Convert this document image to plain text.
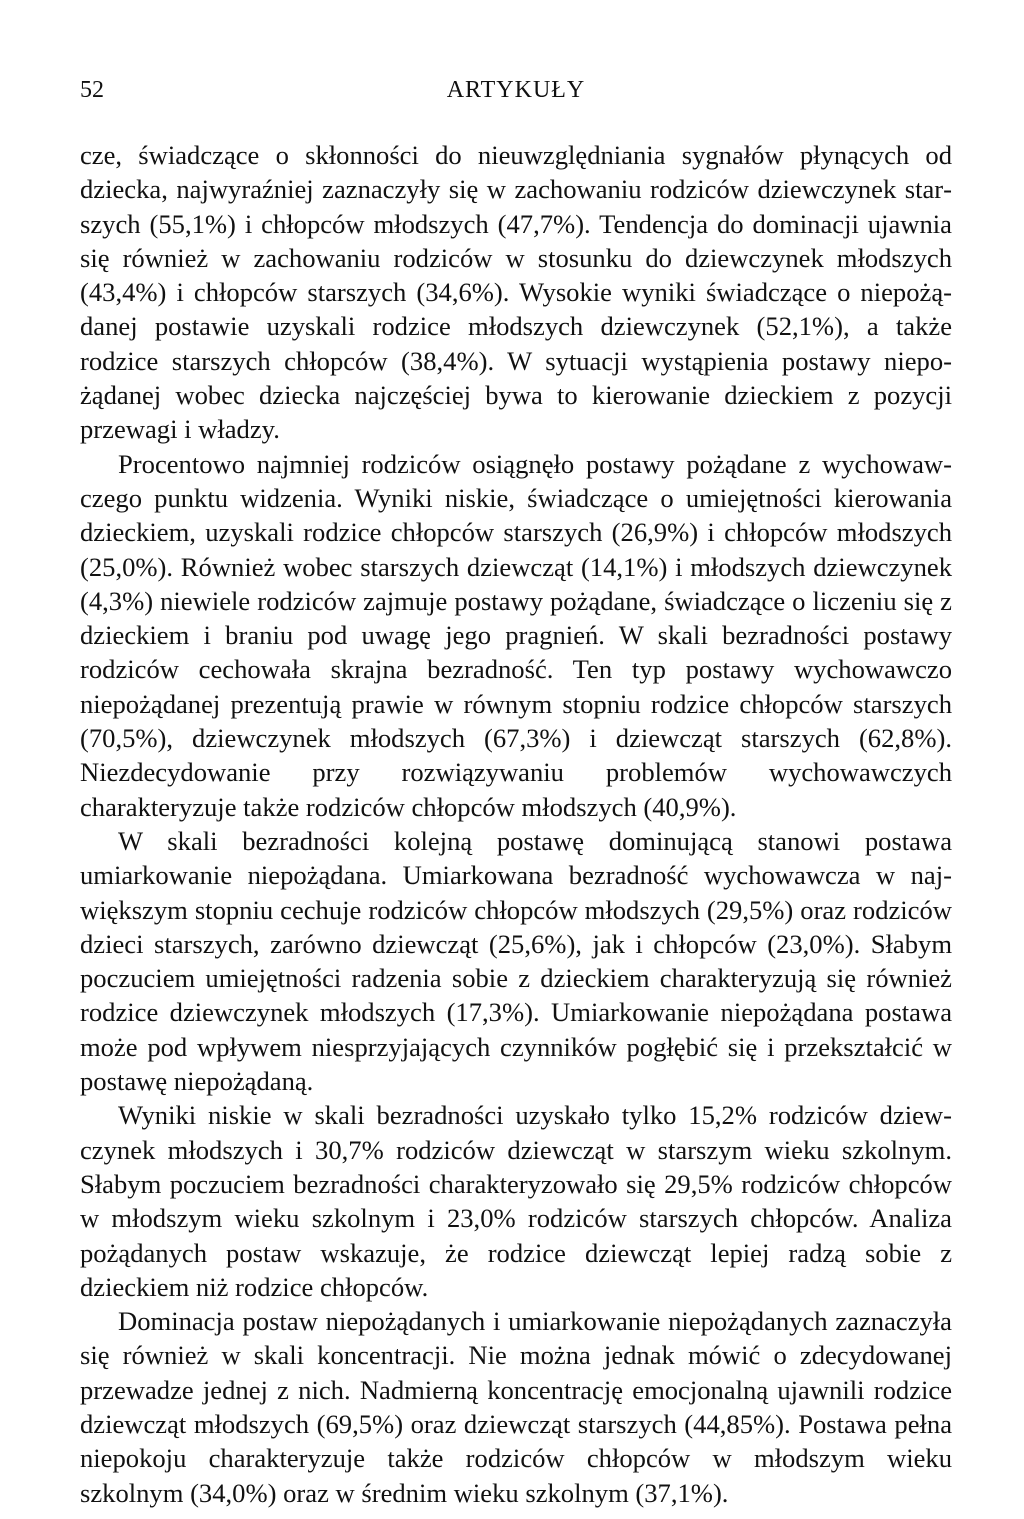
52	ARTYKUŁY

cze, świadczące o skłonności do nieuwzględniania sygnałów płynących od dziecka, najwyraźniej zaznaczyły się w zachowaniu rodziców dziewczynek starszych (55,1%) i chłopców młodszych (47,7%). Tendencja do dominacji ujawnia się również w zachowaniu rodziców w stosunku do dziewczynek młodszych (43,4%) i chłopców starszych (34,6%). Wysokie wyniki świadczące o niepożądanej postawie uzyskali rodzice młodszych dziewczynek (52,1%), a także rodzice starszych chłopców (38,4%). W sytuacji wystąpienia postawy niepożądanej wobec dziecka najczęściej bywa to kierowanie dzieckiem z pozycji przewagi i władzy.

Procentowo najmniej rodziców osiągnęło postawy pożądane z wychowawczego punktu widzenia. Wyniki niskie, świadczące o umiejętności kierowania dzieckiem, uzyskali rodzice chłopców starszych (26,9%) i chłopców młodszych (25,0%). Również wobec starszych dziewcząt (14,1%) i młodszych dziewczynek (4,3%) niewiele rodziców zajmuje postawy pożądane, świadczące o liczeniu się z dzieckiem i braniu pod uwagę jego pragnień. W skali bezradności postawy rodziców cechowała skrajna bezradność. Ten typ postawy wychowawczo niepożądanej prezentują prawie w równym stopniu rodzice chłopców starszych (70,5%), dziewczynek młodszych (67,3%) i dziewcząt starszych (62,8%). Niezdecydowanie przy rozwiązywaniu problemów wychowawczych charakteryzuje także rodziców chłopców młodszych (40,9%).

W skali bezradności kolejną postawę dominującą stanowi postawa umiarkowanie niepożądana. Umiarkowana bezradność wychowawcza w największym stopniu cechuje rodziców chłopców młodszych (29,5%) oraz rodziców dzieci starszych, zarówno dziewcząt (25,6%), jak i chłopców (23,0%). Słabym poczuciem umiejętności radzenia sobie z dzieckiem charakteryzują się również rodzice dziewczynek młodszych (17,3%). Umiarkowanie niepożądana postawa może pod wpływem niesprzyjających czynników pogłębić się i przekształcić w postawę niepożądaną.

Wyniki niskie w skali bezradności uzyskało tylko 15,2% rodziców dziewczynek młodszych i 30,7% rodziców dziewcząt w starszym wieku szkolnym. Słabym poczuciem bezradności charakteryzowało się 29,5% rodziców chłopców w młodszym wieku szkolnym i 23,0% rodziców starszych chłopców. Analiza pożądanych postaw wskazuje, że rodzice dziewcząt lepiej radzą sobie z dzieckiem niż rodzice chłopców.

Dominacja postaw niepożądanych i umiarkowanie niepożądanych zaznaczyła się również w skali koncentracji. Nie można jednak mówić o zdecydowanej przewadze jednej z nich. Nadmierną koncentrację emocjonalną ujawnili rodzice dziewcząt młodszych (69,5%) oraz dziewcząt starszych (44,85%). Postawa pełna niepokoju charakteryzuje także rodziców chłopców w młodszym wieku szkolnym (34,0%) oraz w średnim wieku szkolnym (37,1%).
